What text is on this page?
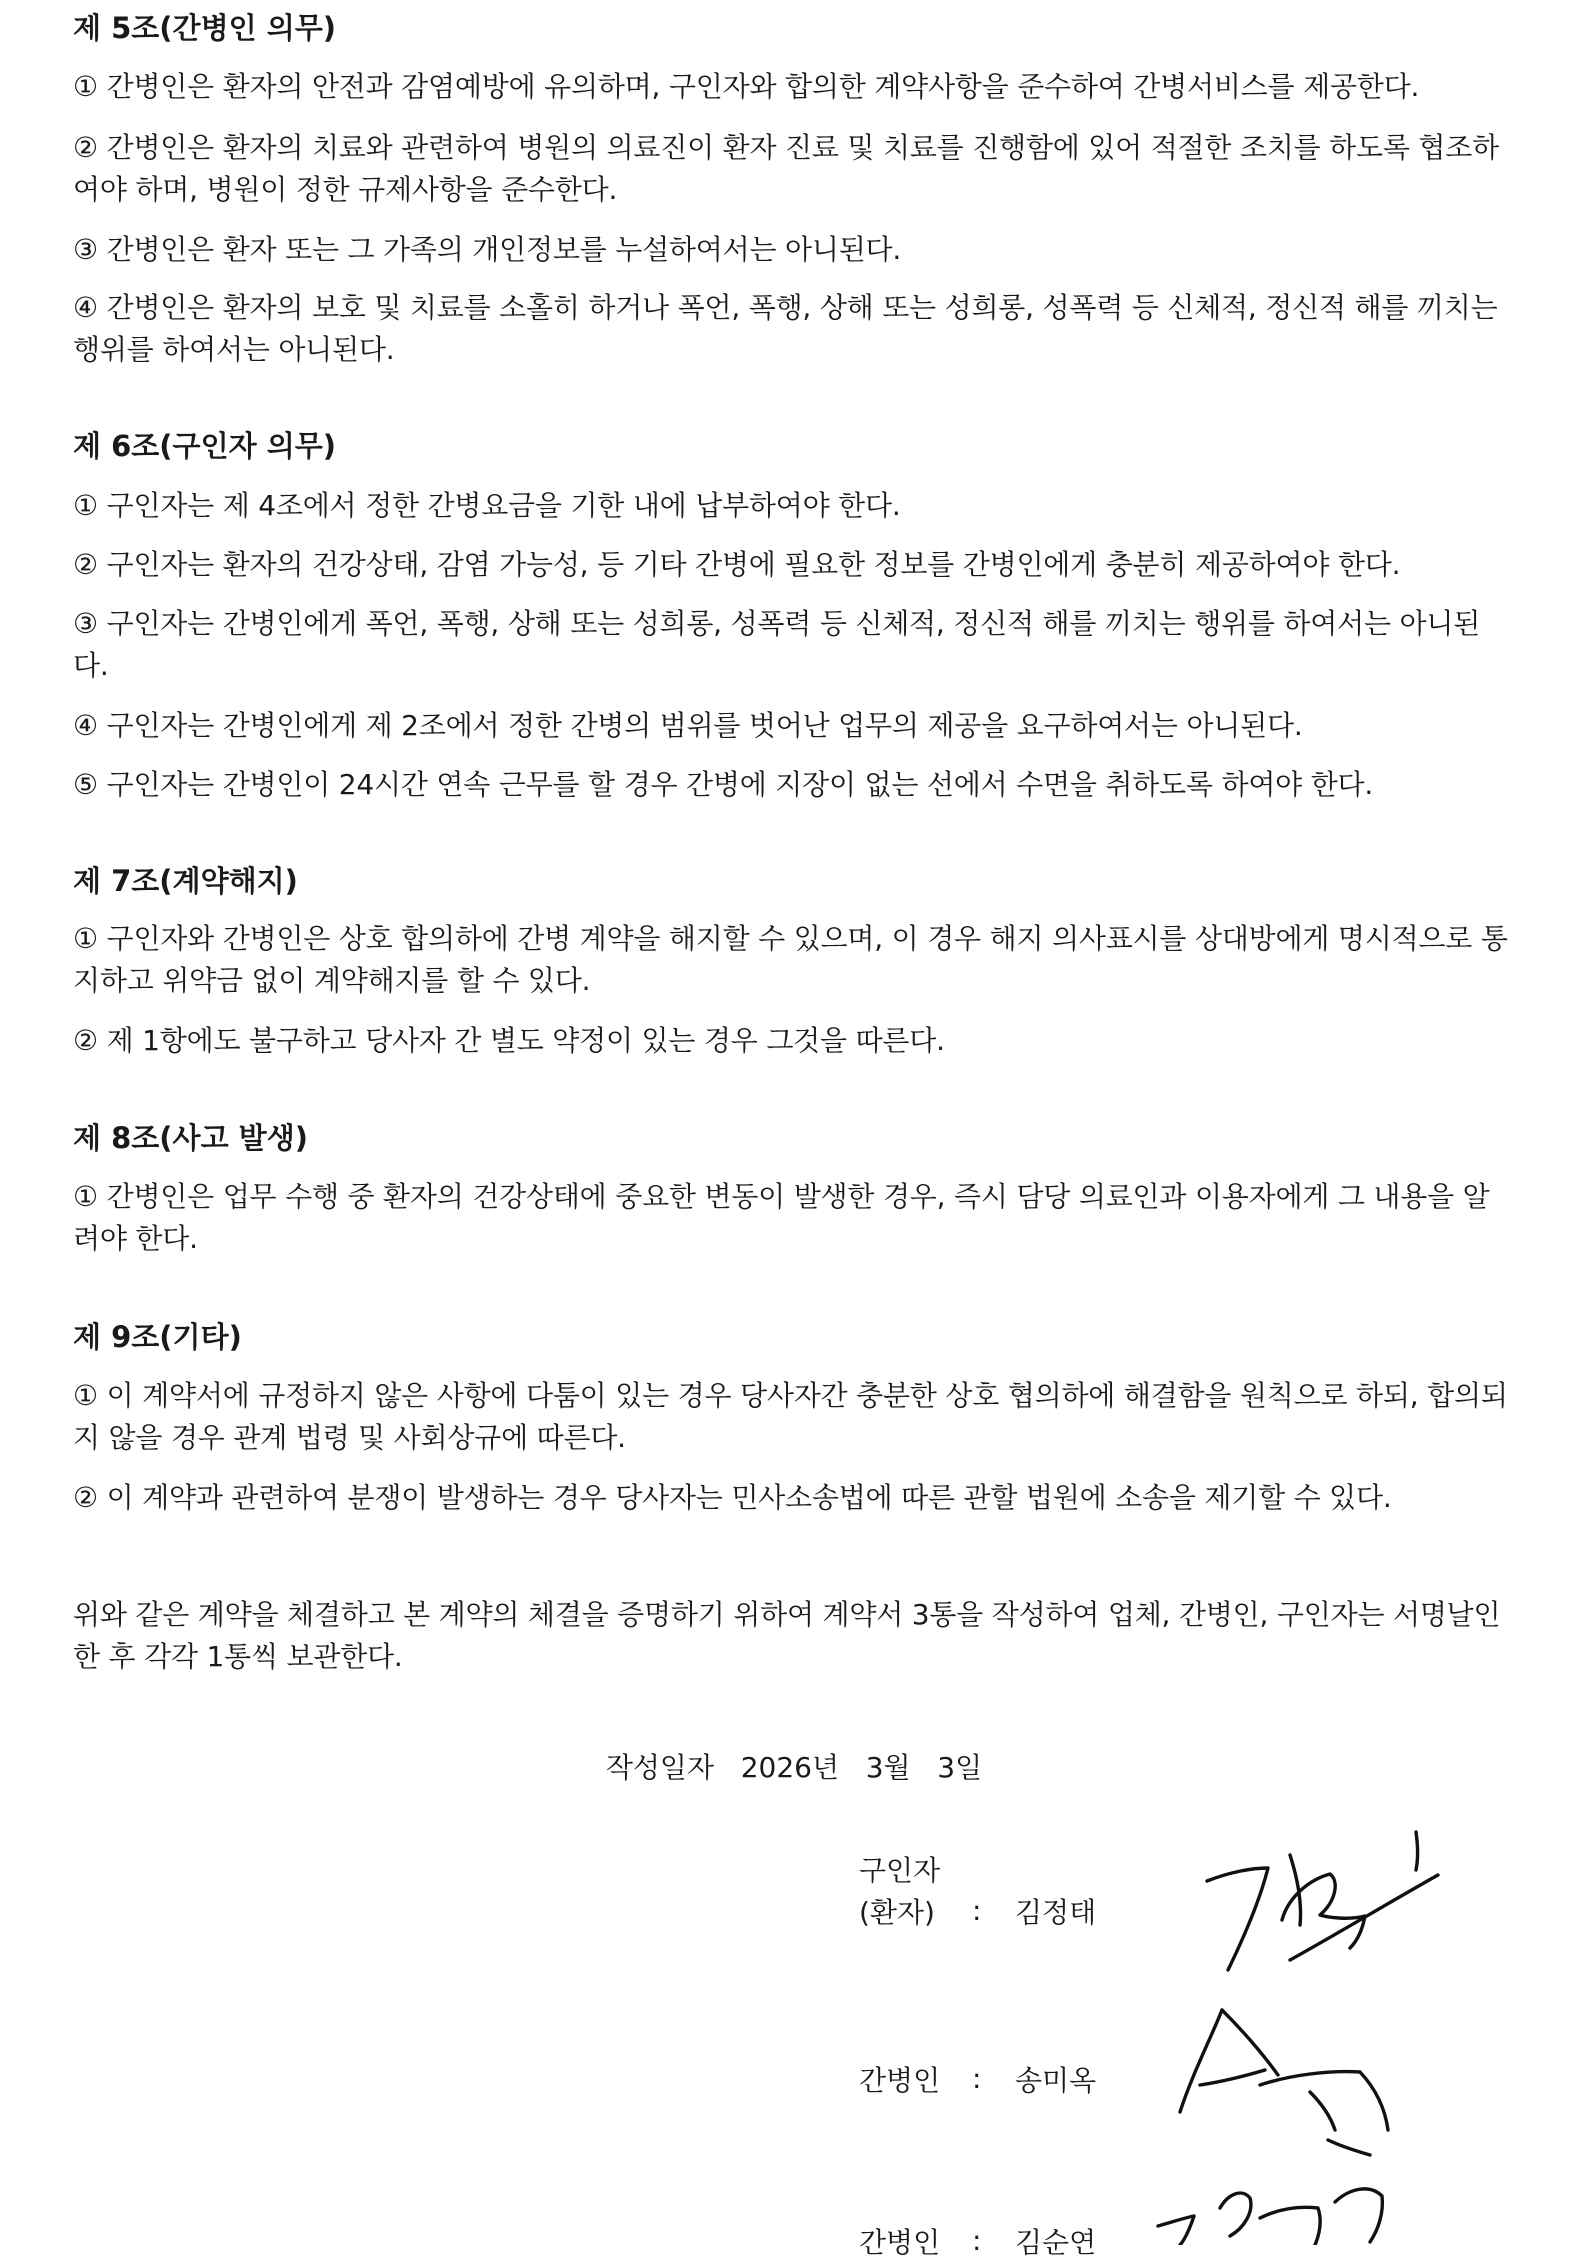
제 5조(간병인 의무)

① 간병인은 환자의 안전과 감염예방에 유의하며, 구인자와 합의한 계약사항을 준수하여 간병서비스를 제공한다.

② 간병인은 환자의 치료와 관련하여 병원의 의료진이 환자 진료 및 치료를 진행함에 있어 적절한 조치를 하도록 협조하여야 하며, 병원이 정한 규제사항을 준수한다.

③ 간병인은 환자 또는 그 가족의 개인정보를 누설하여서는 아니된다.

④ 간병인은 환자의 보호 및 치료를 소홀히 하거나 폭언, 폭행, 상해 또는 성희롱, 성폭력 등 신체적, 정신적 해를 끼치는 행위를 하여서는 아니된다.

제 6조(구인자 의무)

① 구인자는 제 4조에서 정한 간병요금을 기한 내에 납부하여야 한다.

② 구인자는 환자의 건강상태, 감염 가능성, 등 기타 간병에 필요한 정보를 간병인에게 충분히 제공하여야 한다.

③ 구인자는 간병인에게 폭언, 폭행, 상해 또는 성희롱, 성폭력 등 신체적, 정신적 해를 끼치는 행위를 하여서는 아니된다.

④ 구인자는 간병인에게 제 2조에서 정한 간병의 범위를 벗어난 업무의 제공을 요구하여서는 아니된다.

⑤ 구인자는 간병인이 24시간 연속 근무를 할 경우 간병에 지장이 없는 선에서 수면을 취하도록 하여야 한다.

제 7조(계약해지)

① 구인자와 간병인은 상호 합의하에 간병 계약을 해지할 수 있으며, 이 경우 해지 의사표시를 상대방에게 명시적으로 통지하고 위약금 없이 계약해지를 할 수 있다.

② 제 1항에도 불구하고 당사자 간 별도 약정이 있는 경우 그것을 따른다.

제 8조(사고 발생)

① 간병인은 업무 수행 중 환자의 건강상태에 중요한 변동이 발생한 경우, 즉시 담당 의료인과 이용자에게 그 내용을 알려야 한다.

제 9조(기타)

① 이 계약서에 규정하지 않은 사항에 다툼이 있는 경우 당사자간 충분한 상호 협의하에 해결함을 원칙으로 하되, 합의되지 않을 경우 관계 법령 및 사회상규에 따른다.

② 이 계약과 관련하여 분쟁이 발생하는 경우 당사자는 민사소송법에 따른 관할 법원에 소송을 제기할 수 있다.

위와 같은 계약을 체결하고 본 계약의 체결을 증명하기 위하여 계약서 3통을 작성하여 업체, 간병인, 구인자는 서명날인한 후 각각 1통씩 보관한다.

작성일자   2026년   3월   3일

구인자
(환자) : 김정태
간병인 : 송미옥
간병인 : 김순연
